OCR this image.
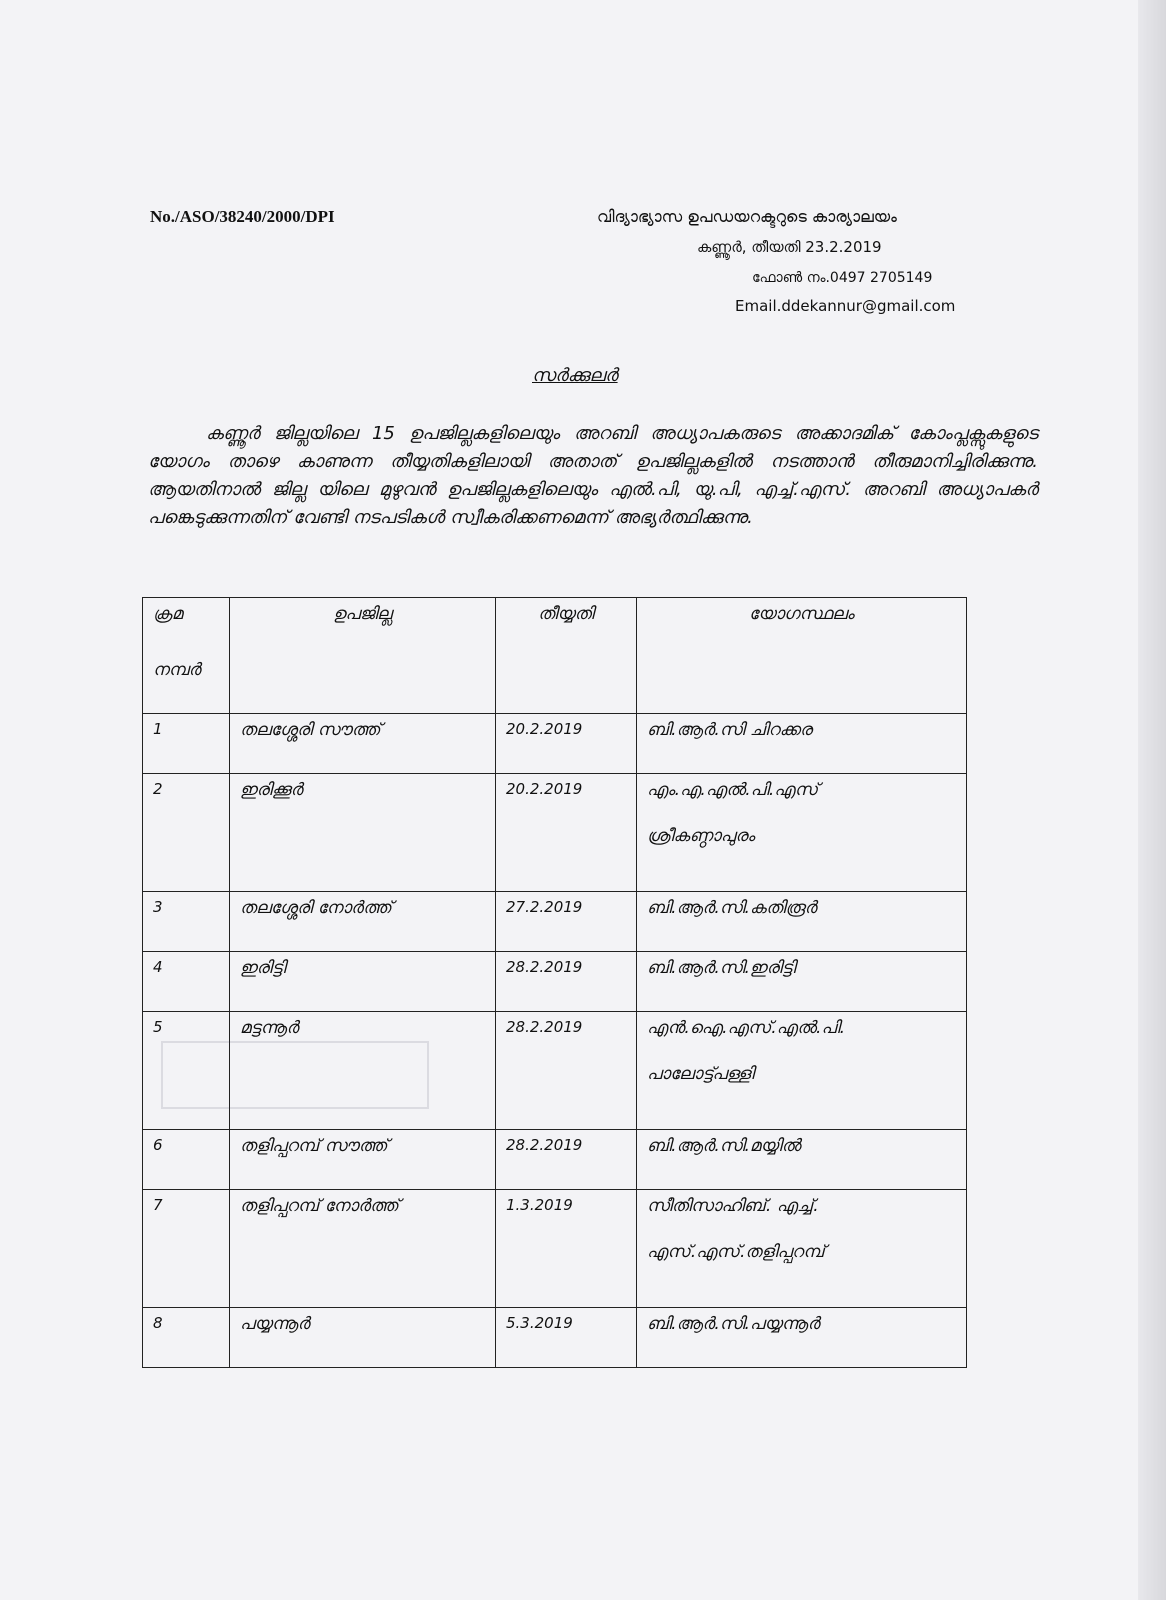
No./ASO/38240/2000/DPI	വിദ്യാഭ്യാസ ഉപഡയറക്ടറുടെ കാര്യാലയം
കണ്ണൂർ, തീയതി 23.2.2019
ഫോൺ നം.0497 2705149
Email.ddekannur@gmail.com
സർക്കുലർ
കണ്ണൂർ ജില്ലയിലെ 15 ഉപജില്ലകളിലെയും അറബി അധ്യാപകരുടെ അക്കാദമിക് കോംപ്ലക്സുകളുടെ യോഗം താഴെ കാണുന്ന തീയ്യതികളിലായി അതാത് ഉപജില്ലകളിൽ നടത്താൻ തീരുമാനിച്ചിരിക്കുന്നു. ആയതിനാൽ ജില്ല യിലെ മുഴുവൻ ഉപജില്ലകളിലെയും എൽ.പി, യു.പി, എച്ച്.എസ്. അറബി അധ്യാപകർ പങ്കെടുക്കുന്നതിന് വേണ്ടി നടപടികൾ സ്വീകരിക്കണമെന്ന് അഭ്യർത്ഥിക്കുന്നു.
ക്രമ
നമ്പർ	ഉപജില്ല	തീയ്യതി	യോഗസ്ഥലം
1	തലശ്ശേരി സൗത്ത്	20.2.2019	ബി.ആർ.സി ചിറക്കര
2	ഇരിക്കൂർ	20.2.2019	എം.എ.എൽ.പി.എസ്
ശ്രീകണ്ഠാപുരം

3	തലശ്ശേരി നോർത്ത്	27.2.2019	ബി.ആർ.സി.കതിരൂർ
4	ഇരിട്ടി	28.2.2019	ബി.ആർ.സി.ഇരിട്ടി
5	മട്ടന്നൂർ	28.2.2019	എൻ.ഐ.എസ്.എൽ.പി.
പാലോട്ട്പള്ളി

6	തളിപ്പറമ്പ് സൗത്ത്	28.2.2019	ബി.ആർ.സി.മയ്യിൽ
7	തളിപ്പറമ്പ് നോർത്ത്	1.3.2019	സീതിസാഹിബ്. എച്ച്.
എസ്.എസ്.തളിപ്പറമ്പ്

8	പയ്യന്നൂർ	5.3.2019	ബി.ആർ.സി.പയ്യന്നൂർ
